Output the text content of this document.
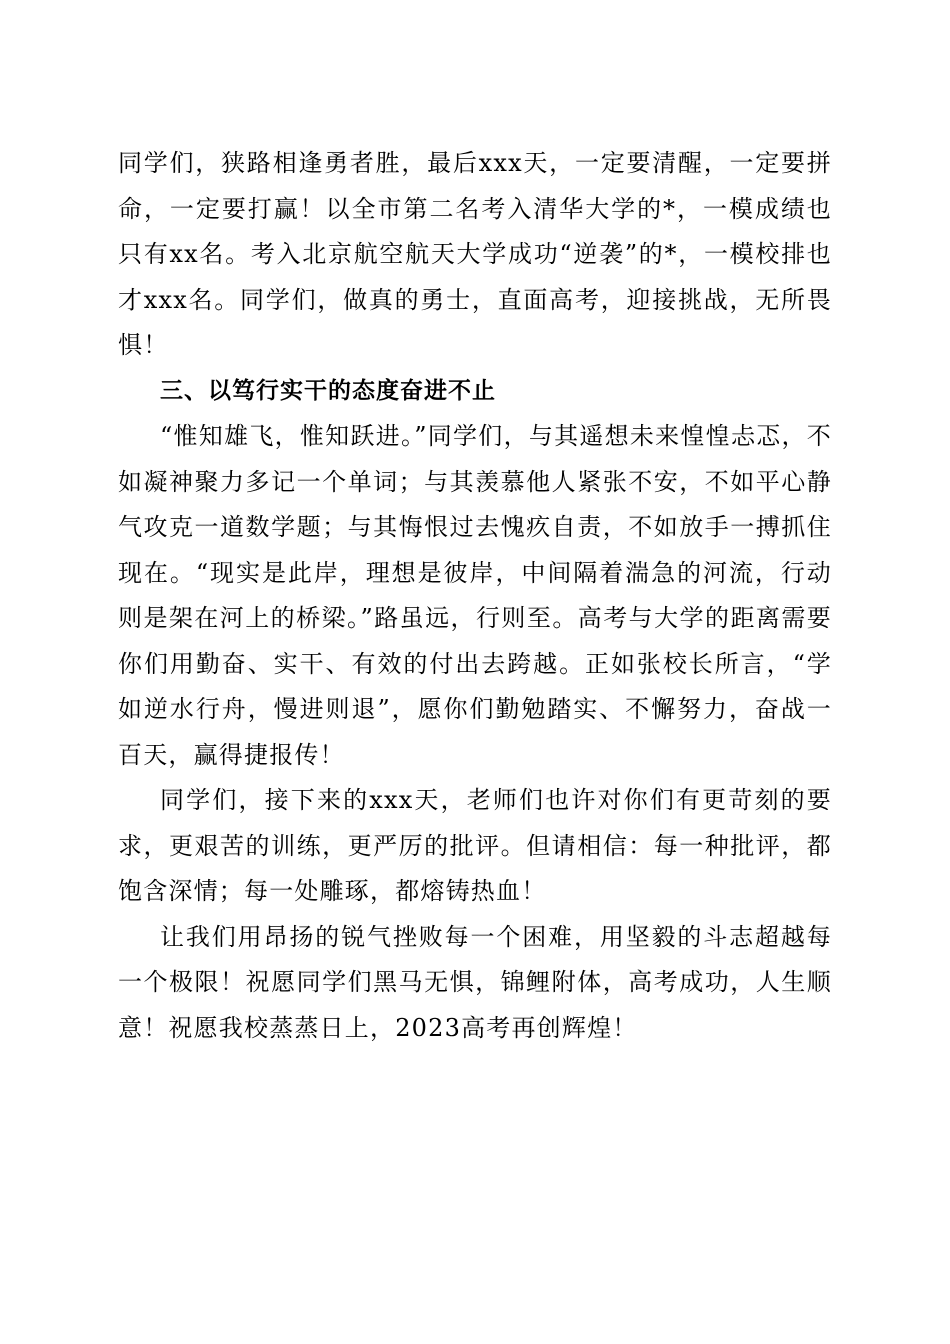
同学们，狭路相逢勇者胜，最后xxx天，一定要清醒，一定要拼命，一定要打赢！以全市第二名考入清华大学的*，一模成绩也只有xx名。考入北京航空航天大学成功“逆袭”的*，一模校排也才xxx名。同学们，做真的勇士，直面高考，迎接挑战，无所畏惧！

三、以笃行实干的态度奋进不止

“惟知雄飞，惟知跃进。”同学们，与其遥想未来惶惶忐忑，不如凝神聚力多记一个单词；与其羡慕他人紧张不安，不如平心静气攻克一道数学题；与其悔恨过去愧疚自责，不如放手一搏抓住现在。“现实是此岸，理想是彼岸，中间隔着湍急的河流，行动则是架在河上的桥梁。”路虽远，行则至。高考与大学的距离需要你们用勤奋、实干、有效的付出去跨越。正如张校长所言，“学如逆水行舟，慢进则退”，愿你们勤勉踏实、不懈努力，奋战一百天，赢得捷报传！

同学们，接下来的xxx天，老师们也许对你们有更苛刻的要求，更艰苦的训练，更严厉的批评。但请相信：每一种批评，都饱含深情；每一处雕琢，都熔铸热血！

让我们用昂扬的锐气挫败每一个困难，用坚毅的斗志超越每一个极限！祝愿同学们黑马无惧，锦鲤附体，高考成功，人生顺意！祝愿我校蒸蒸日上，2023高考再创辉煌！
